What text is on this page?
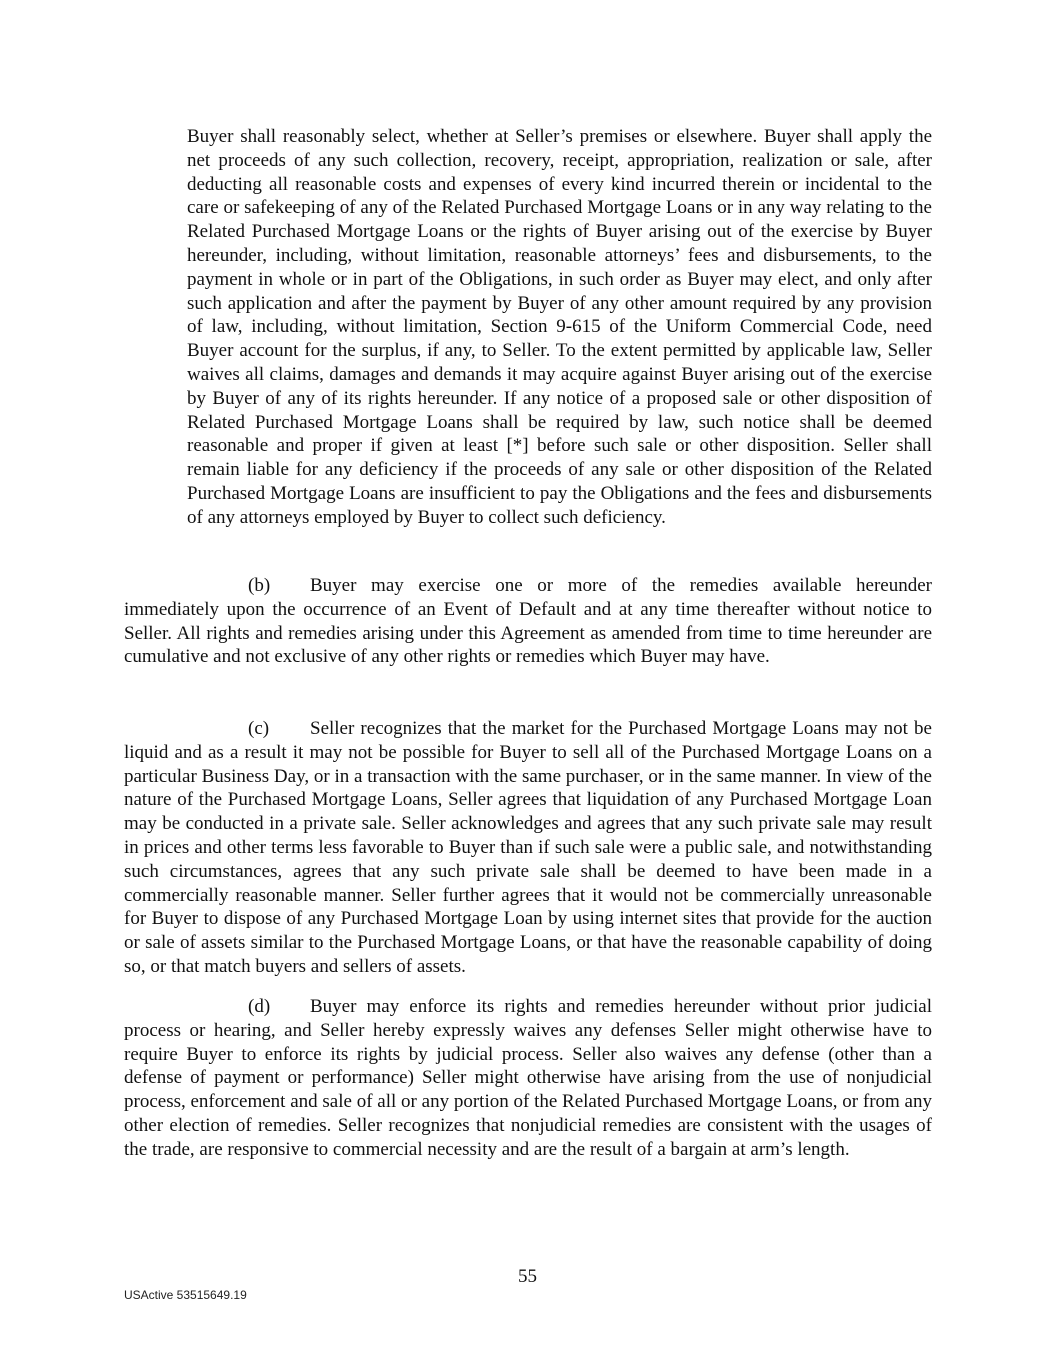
Buyer shall reasonably select, whether at Seller’s premises or elsewhere. Buyer shall apply the net proceeds of any such collection, recovery, receipt, appropriation, realization or sale, after deducting all reasonable costs and expenses of every kind incurred therein or incidental to the care or safekeeping of any of the Related Purchased Mortgage Loans or in any way relating to the Related Purchased Mortgage Loans or the rights of Buyer arising out of the exercise by Buyer hereunder, including, without limitation, reasonable attorneys’ fees and disbursements, to the payment in whole or in part of the Obligations, in such order as Buyer may elect, and only after such application and after the payment by Buyer of any other amount required by any provision of law, including, without limitation, Section 9-615 of the Uniform Commercial Code, need Buyer account for the surplus, if any, to Seller. To the extent permitted by applicable law, Seller waives all claims, damages and demands it may acquire against Buyer arising out of the exercise by Buyer of any of its rights hereunder. If any notice of a proposed sale or other disposition of Related Purchased Mortgage Loans shall be required by law, such notice shall be deemed reasonable and proper if given at least [*] before such sale or other disposition. Seller shall remain liable for any deficiency if the proceeds of any sale or other disposition of the Related Purchased Mortgage Loans are insufficient to pay the Obligations and the fees and disbursements of any attorneys employed by Buyer to collect such deficiency.

(b) Buyer may exercise one or more of the remedies available hereunder immediately upon the occurrence of an Event of Default and at any time thereafter without notice to Seller. All rights and remedies arising under this Agreement as amended from time to time hereunder are cumulative and not exclusive of any other rights or remedies which Buyer may have.

(c) Seller recognizes that the market for the Purchased Mortgage Loans may not be liquid and as a result it may not be possible for Buyer to sell all of the Purchased Mortgage Loans on a particular Business Day, or in a transaction with the same purchaser, or in the same manner. In view of the nature of the Purchased Mortgage Loans, Seller agrees that liquidation of any Purchased Mortgage Loan may be conducted in a private sale. Seller acknowledges and agrees that any such private sale may result in prices and other terms less favorable to Buyer than if such sale were a public sale, and notwithstanding such circumstances, agrees that any such private sale shall be deemed to have been made in a commercially reasonable manner. Seller further agrees that it would not be commercially unreasonable for Buyer to dispose of any Purchased Mortgage Loan by using internet sites that provide for the auction or sale of assets similar to the Purchased Mortgage Loans, or that have the reasonable capability of doing so, or that match buyers and sellers of assets.

(d) Buyer may enforce its rights and remedies hereunder without prior judicial process or hearing, and Seller hereby expressly waives any defenses Seller might otherwise have to require Buyer to enforce its rights by judicial process. Seller also waives any defense (other than a defense of payment or performance) Seller might otherwise have arising from the use of nonjudicial process, enforcement and sale of all or any portion of the Related Purchased Mortgage Loans, or from any other election of remedies. Seller recognizes that nonjudicial remedies are consistent with the usages of the trade, are responsive to commercial necessity and are the result of a bargain at arm’s length.

55
USActive 53515649.19
